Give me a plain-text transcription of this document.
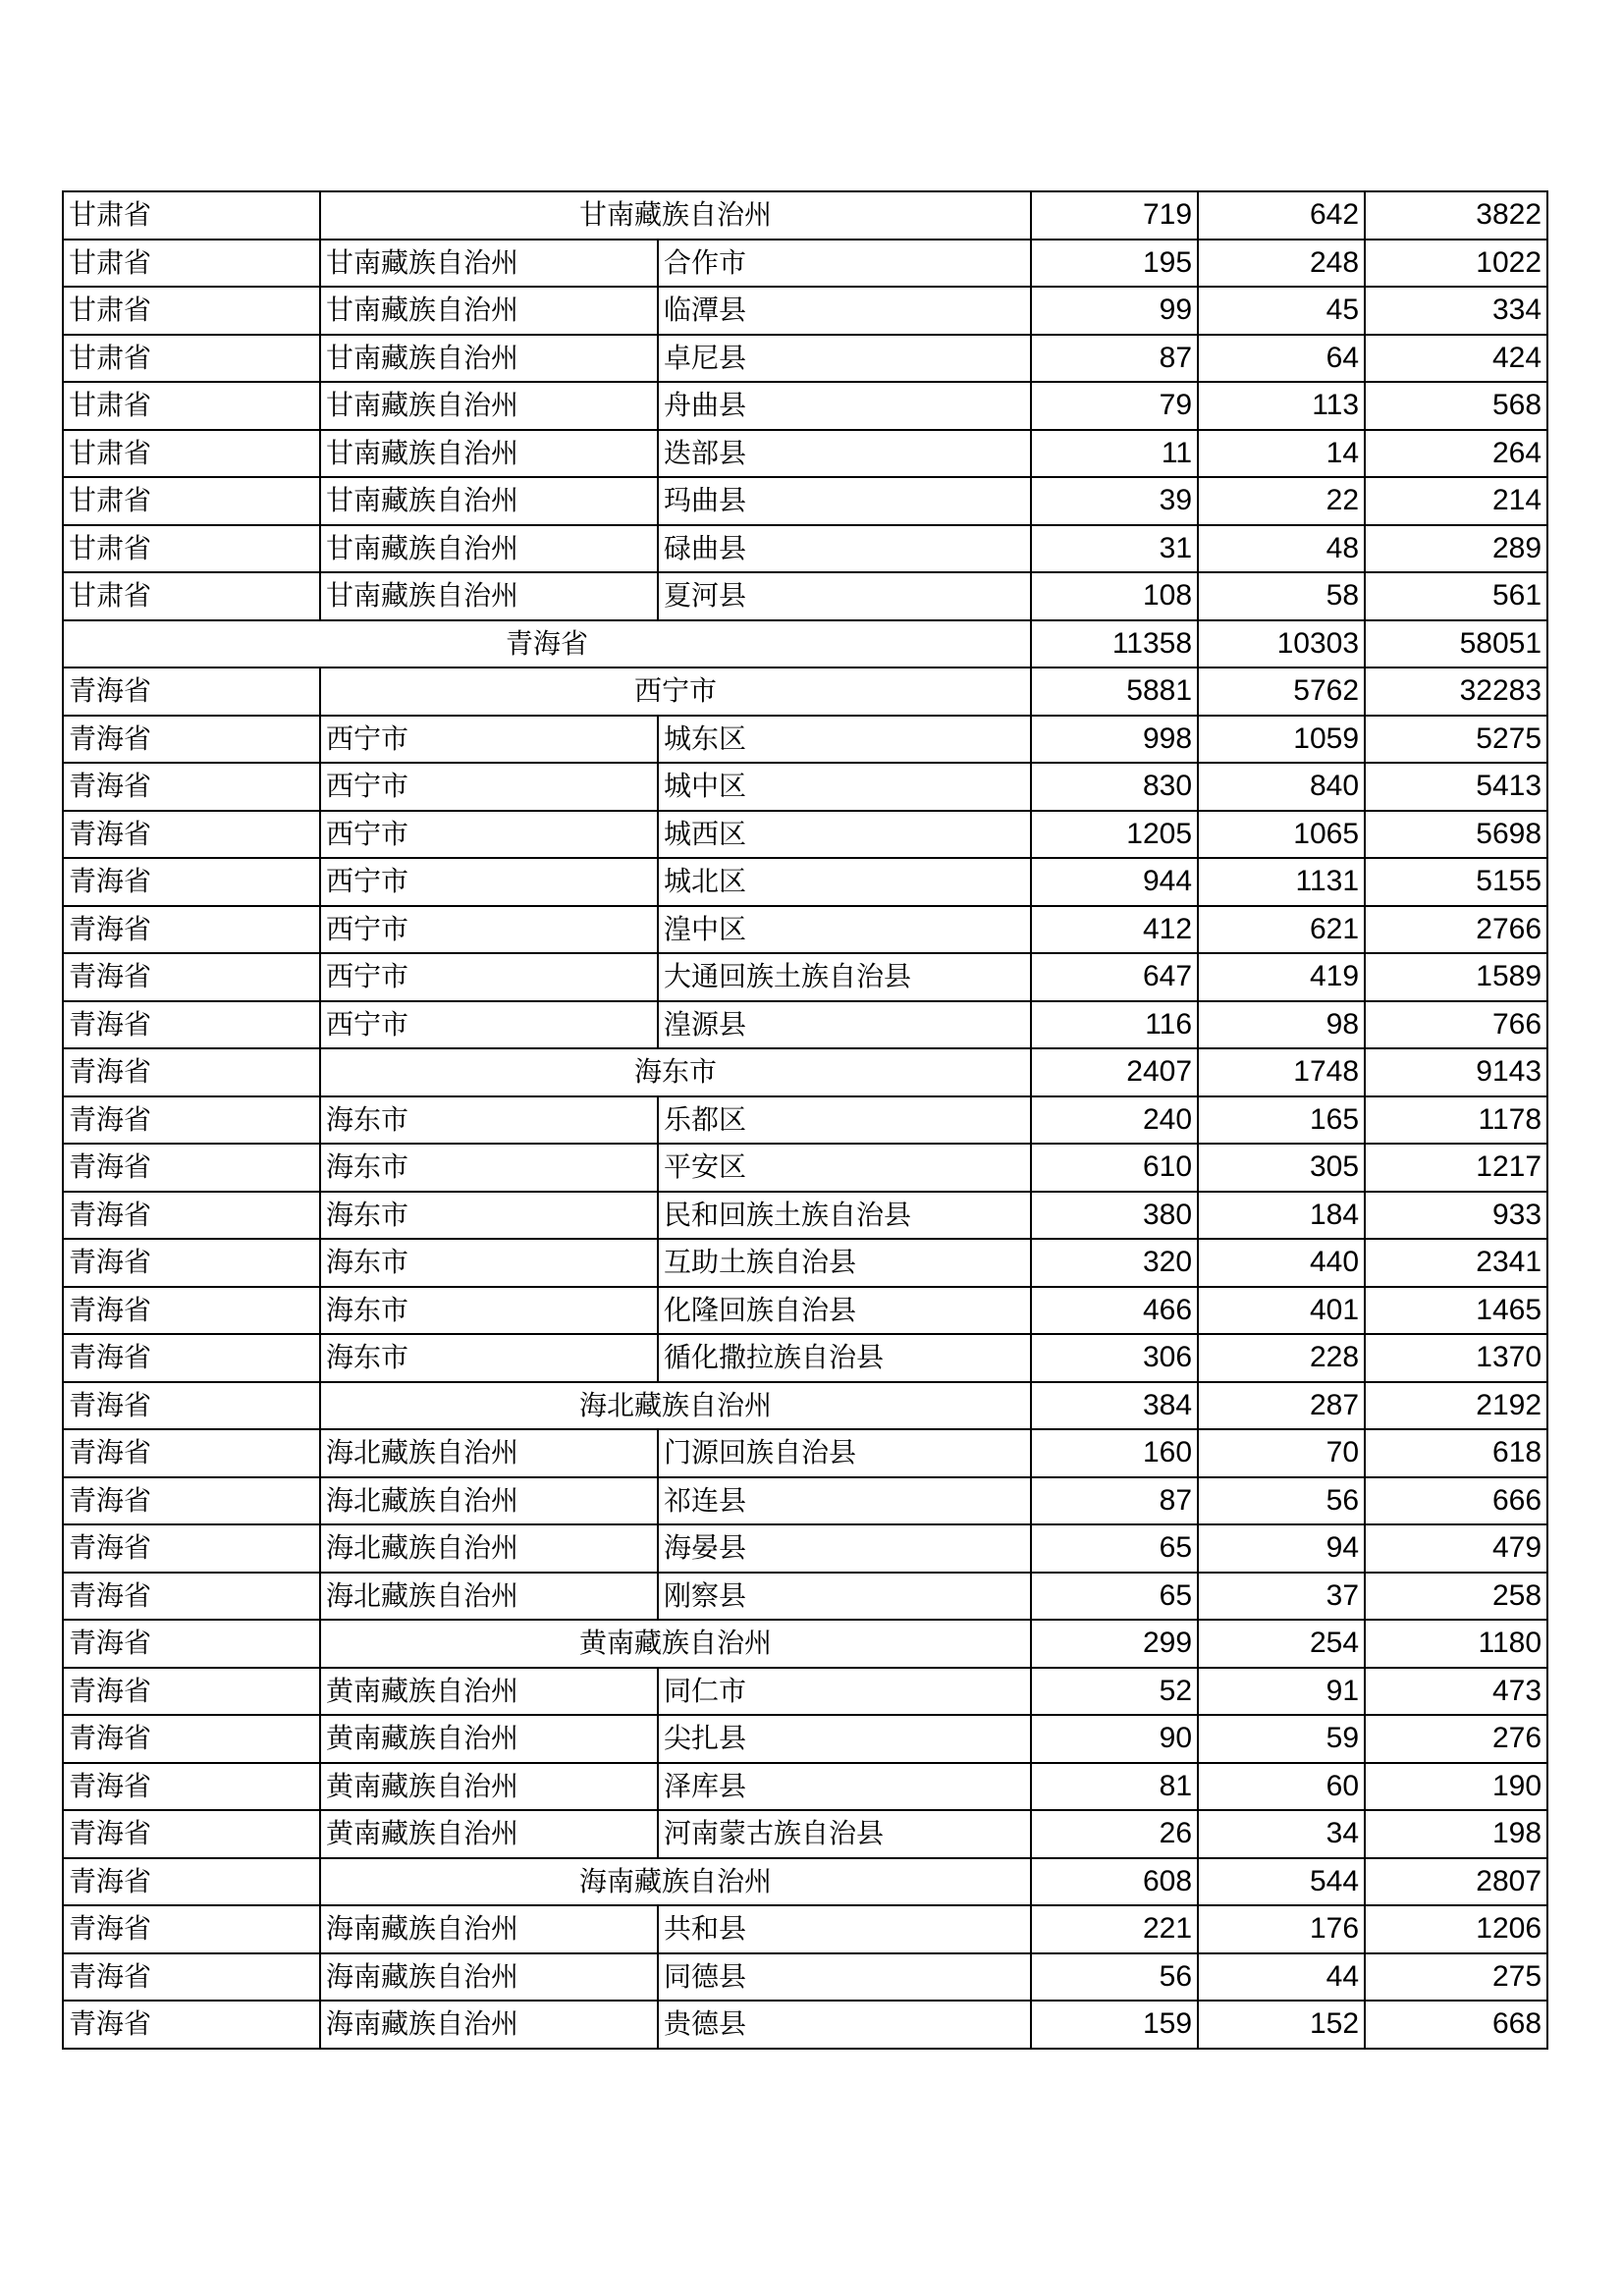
甘肃省	甘南藏族自治州		719	642	3822
甘肃省	甘南藏族自治州	合作市	195	248	1022
甘肃省	甘南藏族自治州	临潭县	99	45	334
甘肃省	甘南藏族自治州	卓尼县	87	64	424
甘肃省	甘南藏族自治州	舟曲县	79	113	568
甘肃省	甘南藏族自治州	迭部县	11	14	264
甘肃省	甘南藏族自治州	玛曲县	39	22	214
甘肃省	甘南藏族自治州	碌曲县	31	48	289
甘肃省	甘南藏族自治州	夏河县	108	58	561
青海省			11358	10303	58051
青海省	西宁市		5881	5762	32283
青海省	西宁市	城东区	998	1059	5275
青海省	西宁市	城中区	830	840	5413
青海省	西宁市	城西区	1205	1065	5698
青海省	西宁市	城北区	944	1131	5155
青海省	西宁市	湟中区	412	621	2766
青海省	西宁市	大通回族土族自治县	647	419	1589
青海省	西宁市	湟源县	116	98	766
青海省	海东市		2407	1748	9143
青海省	海东市	乐都区	240	165	1178
青海省	海东市	平安区	610	305	1217
青海省	海东市	民和回族土族自治县	380	184	933
青海省	海东市	互助土族自治县	320	440	2341
青海省	海东市	化隆回族自治县	466	401	1465
青海省	海东市	循化撒拉族自治县	306	228	1370
青海省	海北藏族自治州		384	287	2192
青海省	海北藏族自治州	门源回族自治县	160	70	618
青海省	海北藏族自治州	祁连县	87	56	666
青海省	海北藏族自治州	海晏县	65	94	479
青海省	海北藏族自治州	刚察县	65	37	258
青海省	黄南藏族自治州		299	254	1180
青海省	黄南藏族自治州	同仁市	52	91	473
青海省	黄南藏族自治州	尖扎县	90	59	276
青海省	黄南藏族自治州	泽库县	81	60	190
青海省	黄南藏族自治州	河南蒙古族自治县	26	34	198
青海省	海南藏族自治州		608	544	2807
青海省	海南藏族自治州	共和县	221	176	1206
青海省	海南藏族自治州	同德县	56	44	275
青海省	海南藏族自治州	贵德县	159	152	668
